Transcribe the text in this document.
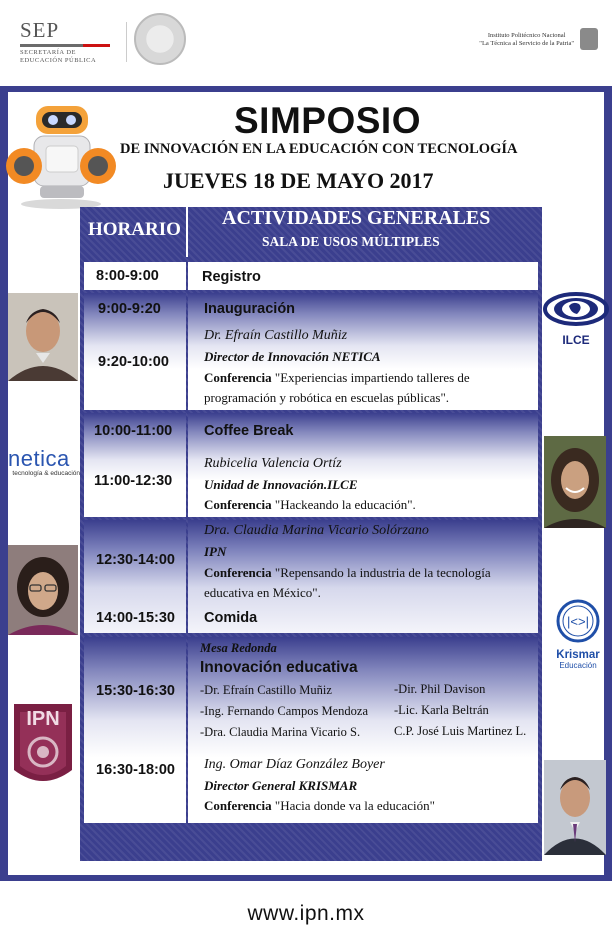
SEP
SECRETARÍA DE
EDUCACIÓN PÚBLICA
Instituto Politécnico Nacional
"La Técnica al Servicio de la Patria"
SIMPOSIO
DE INNOVACIÓN EN LA EDUCACIÓN CON TECNOLOGÍA
JUEVES 18 DE MAYO 2017
HORARIO
ACTIVIDADES GENERALES
SALA DE USOS MÚLTIPLES
8:00-9:00	Registro
9:00-9:20
9:20-10:00
Inauguración
Dr. Efraín Castillo Muñiz
Director de Innovación NETICA
Conferencia "Experiencias impartiendo talleres de
programación y robótica en escuelas públicas".
10:00-11:00
11:00-12:30
Coffee Break
Rubicelia Valencia Ortíz
Unidad de Innovación.ILCE
Conferencia "Hackeando la educación".
12:30-14:00
14:00-15:30
Dra. Claudia Marina Vicario Solórzano
IPN
Conferencia "Repensando la industria de la tecnología
educativa en México".
Comida
15:30-16:30
16:30-18:00
Mesa Redonda
Innovación educativa
-Dr. Efraín Castillo Muñiz
-Ing. Fernando Campos Mendoza
-Dra. Claudia Marina Vicario S.
-Dir. Phil Davison
-Lic. Karla Beltrán
C.P. José Luis Martinez L.
Ing. Omar Díaz González Boyer
Director General KRISMAR
Conferencia "Hacia donde va la educación"
ILCE
netica
tecnología & educación
|<>|
Krismar
Educación
IPN
www.ipn.mx
